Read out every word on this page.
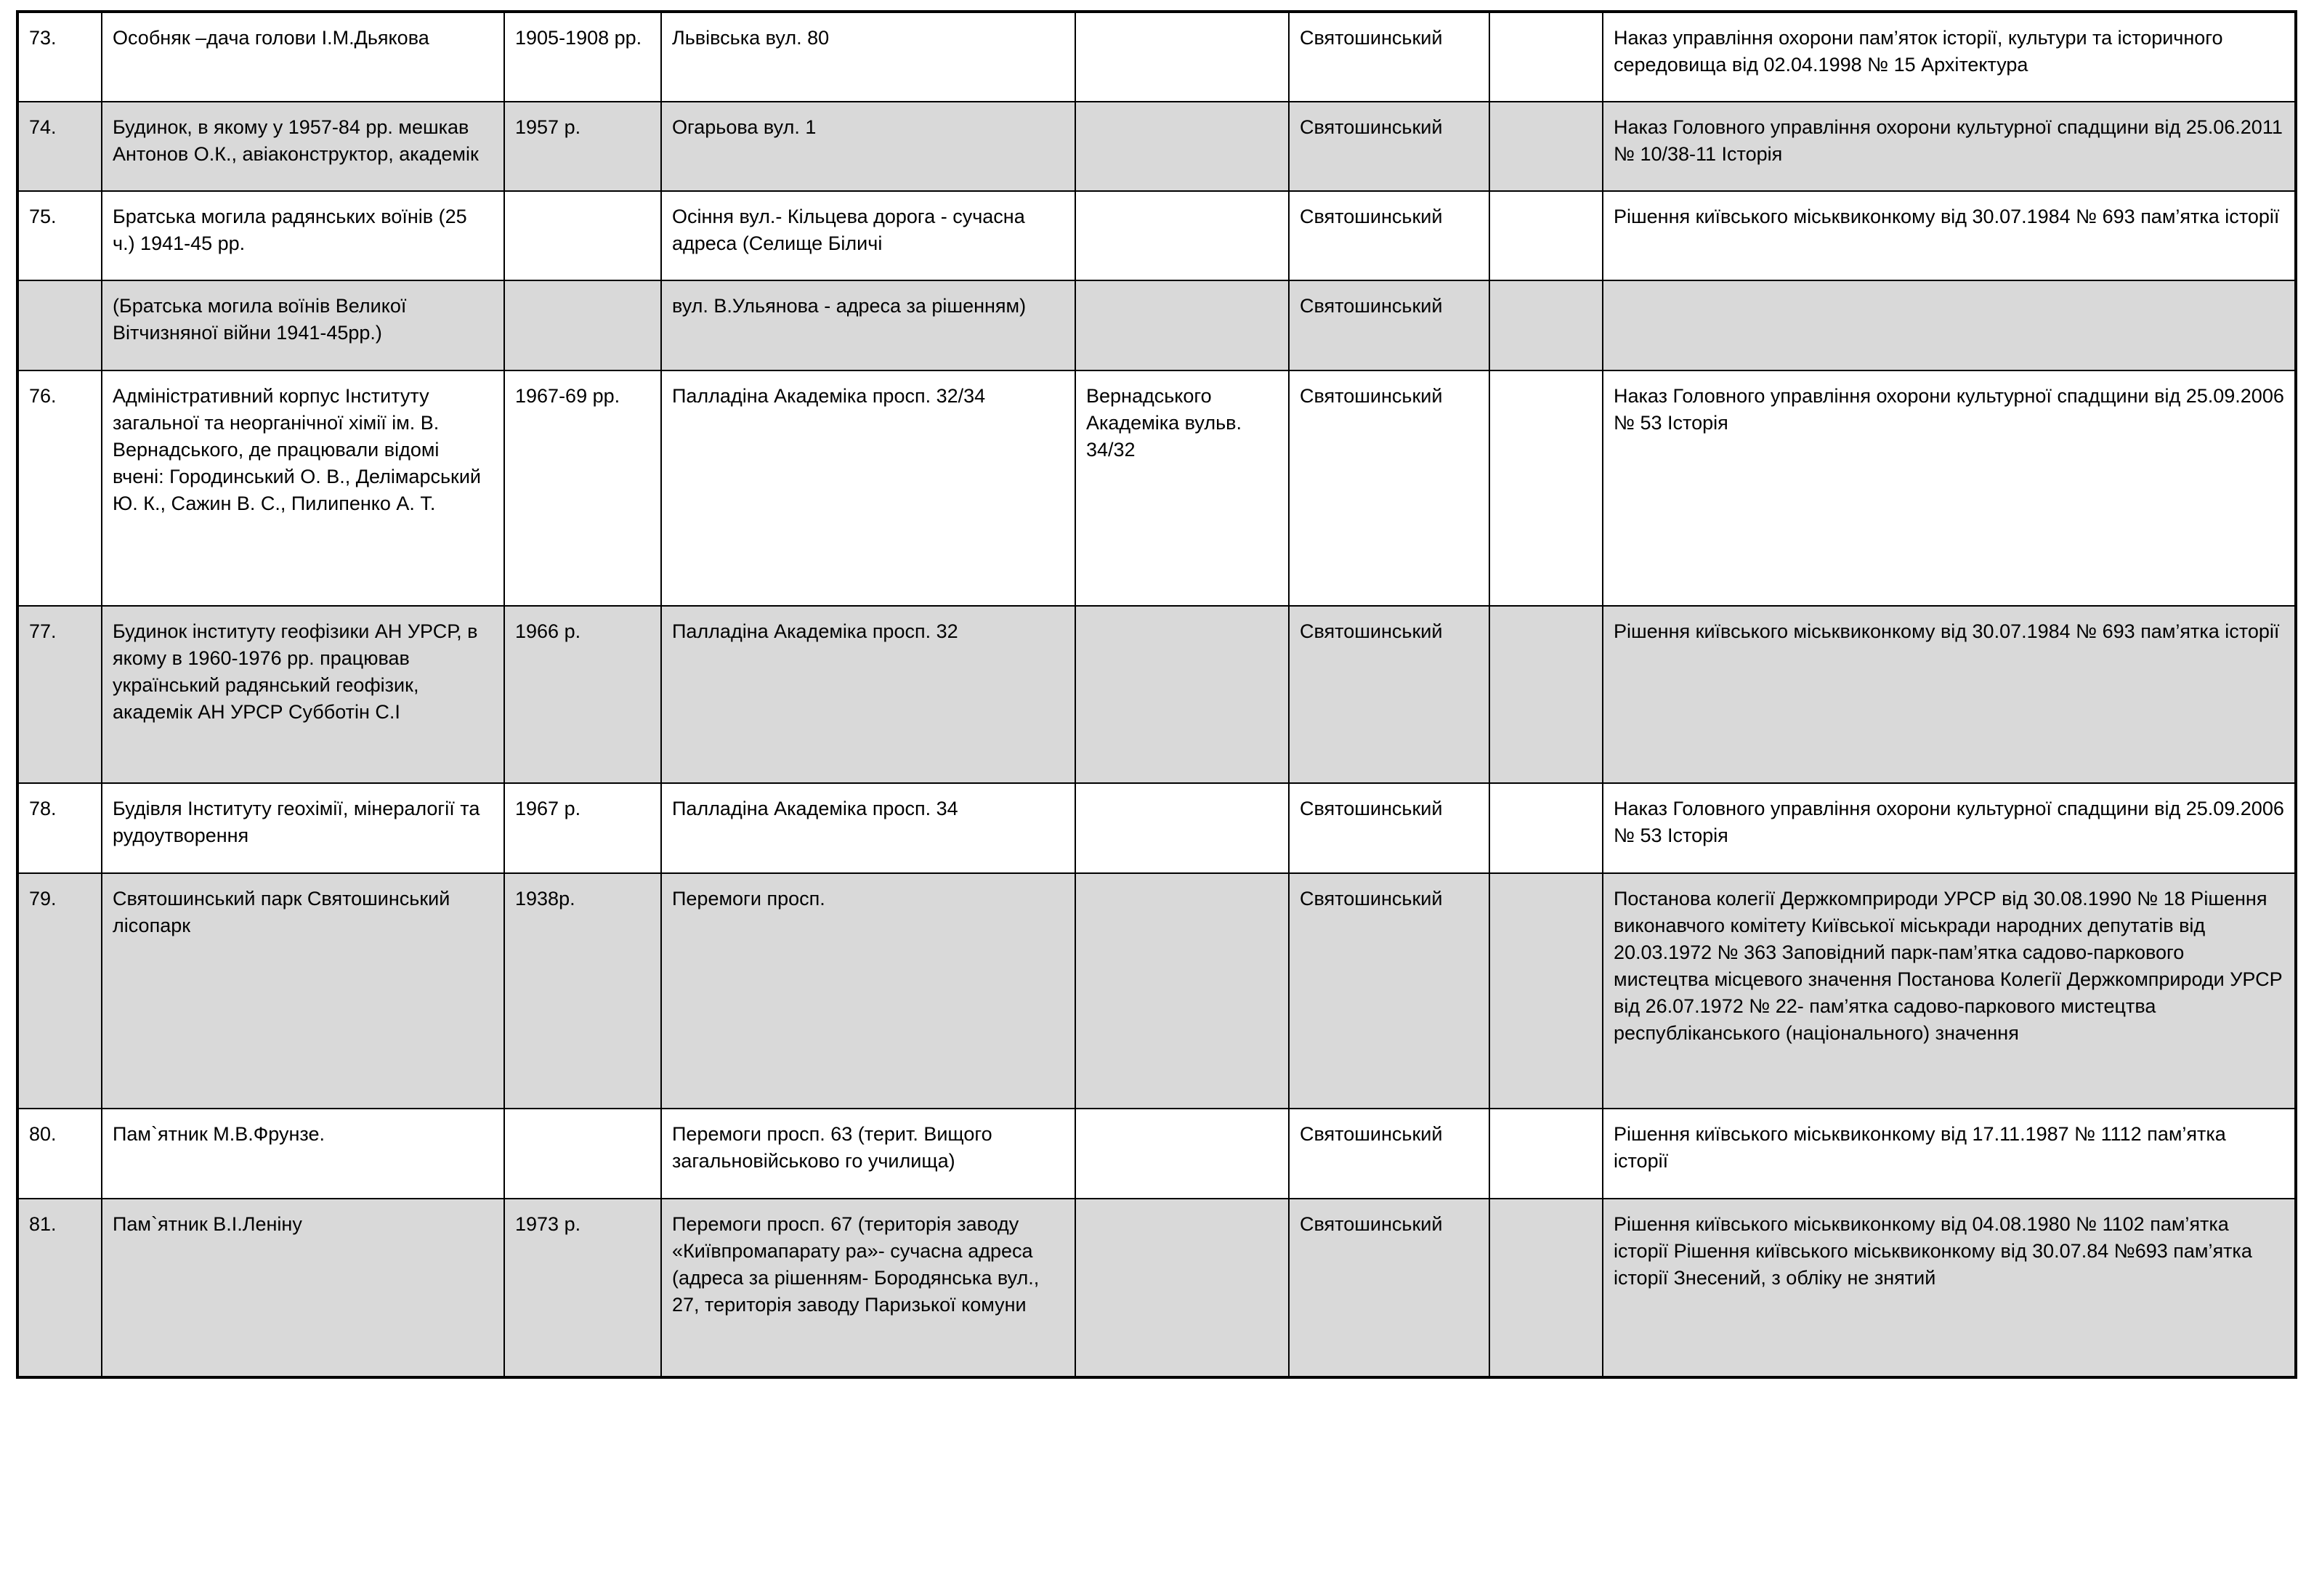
73.	Особняк –дача голови І.М.Дьякова	1905-1908 рр.	Львівська вул. 80		Святошинський		Наказ управління охорони пам’яток історії, культури та історичного середовища від 02.04.1998 № 15 Архітектура
74.	Будинок, в якому у 1957-84 рр. мешкав Антонов О.К., авіаконструктор, академік	1957 р.	Огарьова вул. 1		Святошинський		Наказ Головного управління охорони культурної спадщини від 25.06.2011 № 10/38-11 Історія
75.	Братська могила радянських воїнів (25 ч.) 1941-45 рр.		Осіння вул.- Кільцева дорога - сучасна адреса (Селище Біличі		Святошинський		Рішення київського міськвиконкому від 30.07.1984 № 693 пам’ятка історії
	(Братська могила воїнів Великої Вітчизняної війни 1941-45рр.)		вул. В.Ульянова - адреса за рішенням)		Святошинський		
76.	Адміністративний корпус Інституту загальної та неорганічної хімії ім. В. Вернадського, де працювали відомі вчені: Городинський О. В., Делімарський Ю. К., Сажин В. С., Пилипенко А. Т.	1967-69 рр.	Палладіна Академіка просп. 32/34	Вернадського Академіка вульв. 34/32	Святошинський		Наказ Головного управління охорони культурної спадщини від 25.09.2006 № 53 Історія
77.	Будинок інституту геофізики АН УРСР, в якому в 1960-1976 рр. працював український радянський геофізик, академік АН УРСР Субботін С.І	1966 р.	Палладіна Академіка просп. 32		Святошинський		Рішення київського міськвиконкому від 30.07.1984 № 693 пам’ятка історії
78.	Будівля Інституту геохімії, мінералогії та рудоутворення	1967 р.	Палладіна Академіка просп. 34		Святошинський		Наказ Головного управління охорони культурної спадщини від 25.09.2006 № 53 Історія
79.	Святошинський парк Святошинський лісопарк	1938р.	Перемоги просп.		Святошинський		Постанова колегії Держкомприроди УРСР від 30.08.1990 № 18 Рішення виконавчого комітету Київської міськради народних депутатів від 20.03.1972 № 363 Заповідний парк-пам’ятка садово-паркового мистецтва місцевого значення Постанова Колегії Держкомприроди УРСР від 26.07.1972 № 22- пам’ятка садово-паркового мистецтва республіканського (національного) значення
80.	Пам`ятник М.В.Фрунзе.		Перемоги просп. 63 (терит. Вищого загальновійськово го училища)		Святошинський		Рішення київського міськвиконкому від 17.11.1987 № 1112 пам’ятка історії
81.	Пам`ятник В.І.Леніну	1973 р.	Перемоги просп. 67 (територія заводу «Київпромапарату ра»- сучасна адреса (адреса за рішенням- Бородянська вул., 27, територія заводу Паризької комуни		Святошинський		Рішення київського міськвиконкому від 04.08.1980 № 1102 пам’ятка історії Рішення київського міськвиконкому від 30.07.84 №693 пам’ятка історії Знесений, з обліку не знятий
